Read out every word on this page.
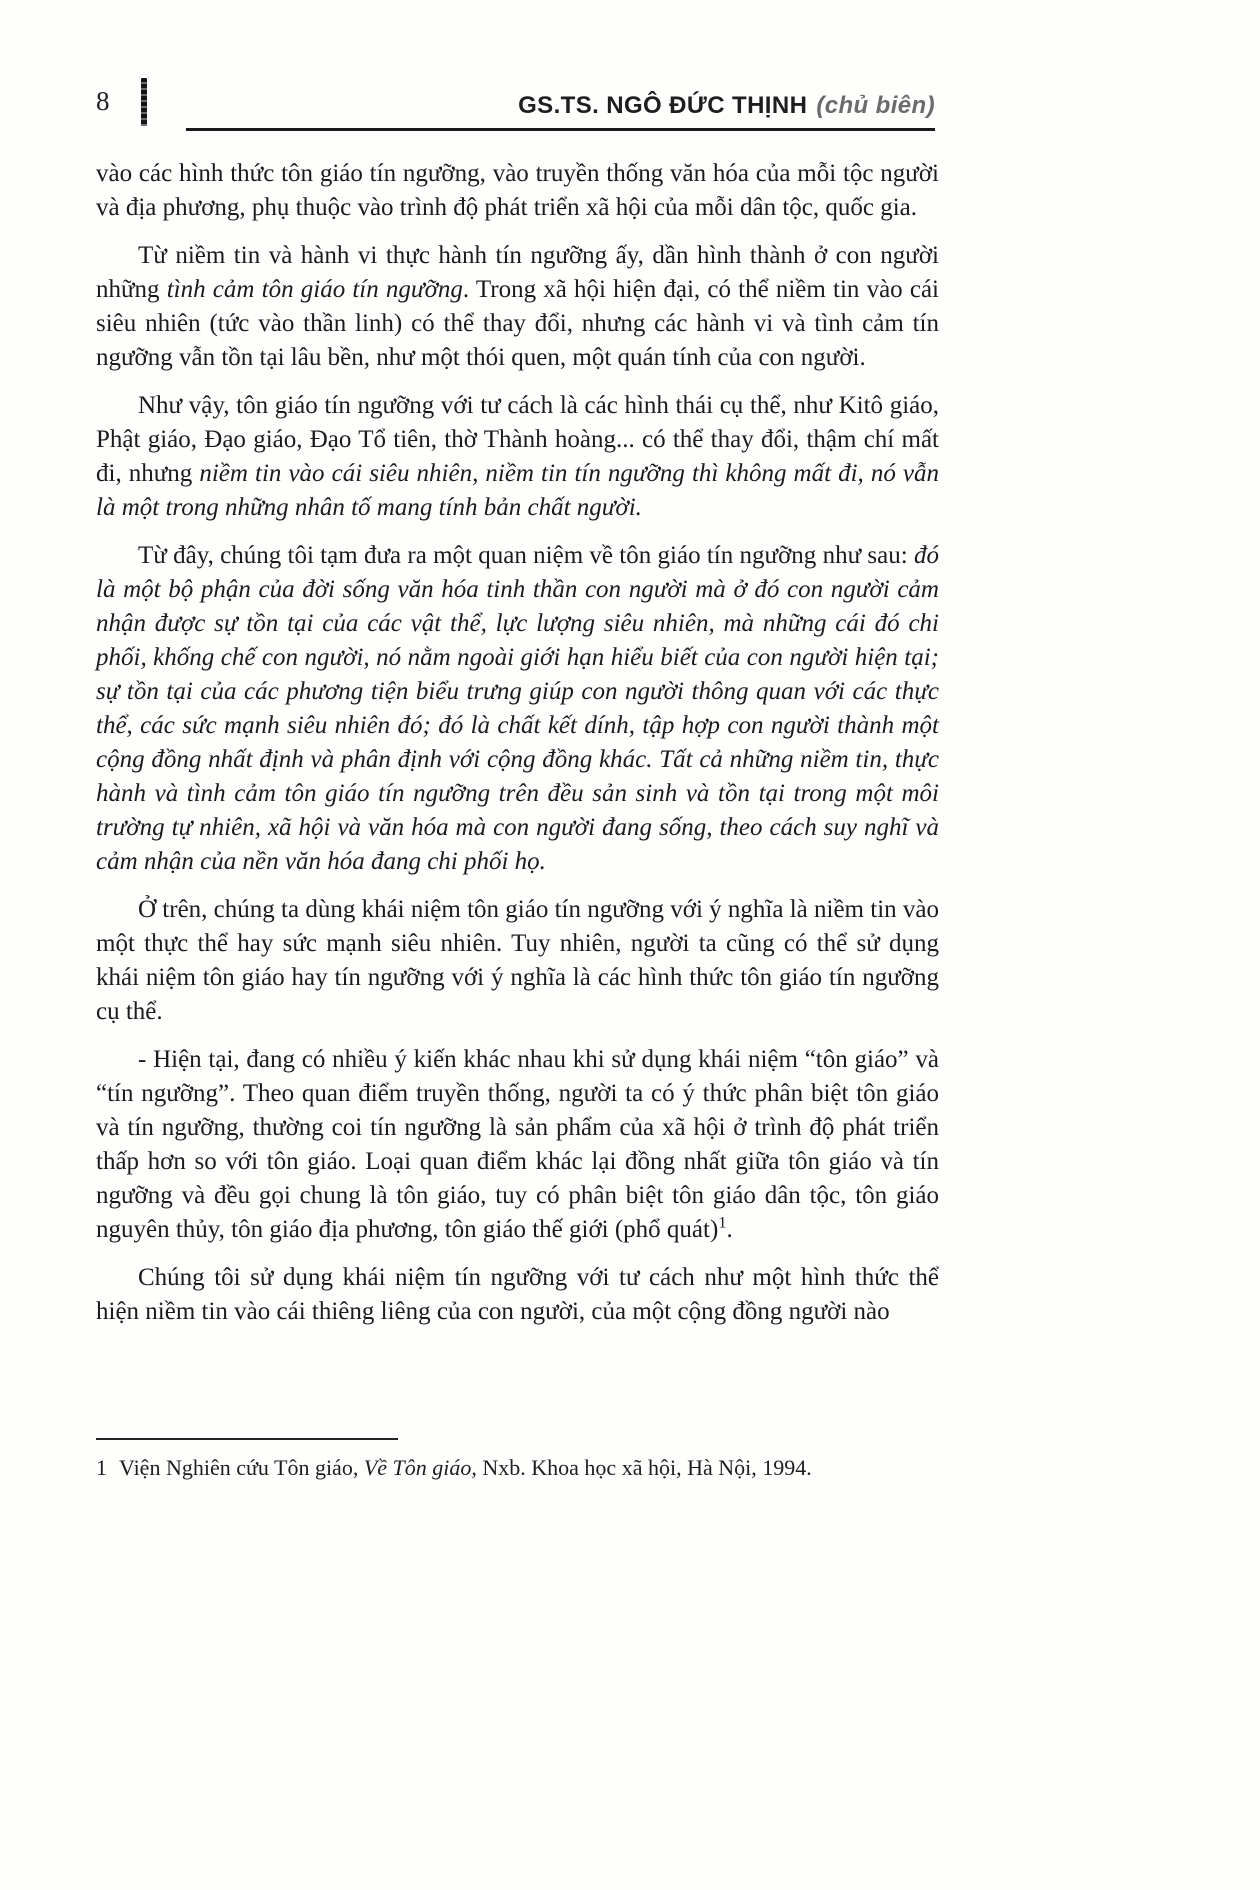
8	GS.TS. NGÔ ĐỨC THỊNH (chủ biên)

vào các hình thức tôn giáo tín ngưỡng, vào truyền thống văn hóa của mỗi tộc người và địa phương, phụ thuộc vào trình độ phát triển xã hội của mỗi dân tộc, quốc gia.

Từ niềm tin và hành vi thực hành tín ngưỡng ấy, dần hình thành ở con người những tình cảm tôn giáo tín ngưỡng. Trong xã hội hiện đại, có thể niềm tin vào cái siêu nhiên (tức vào thần linh) có thể thay đổi, nhưng các hành vi và tình cảm tín ngưỡng vẫn tồn tại lâu bền, như một thói quen, một quán tính của con người.

Như vậy, tôn giáo tín ngưỡng với tư cách là các hình thái cụ thể, như Kitô giáo, Phật giáo, Đạo giáo, Đạo Tổ tiên, thờ Thành hoàng... có thể thay đổi, thậm chí mất đi, nhưng niềm tin vào cái siêu nhiên, niềm tin tín ngưỡng thì không mất đi, nó vẫn là một trong những nhân tố mang tính bản chất người.

Từ đây, chúng tôi tạm đưa ra một quan niệm về tôn giáo tín ngưỡng như sau: đó là một bộ phận của đời sống văn hóa tinh thần con người mà ở đó con người cảm nhận được sự tồn tại của các vật thể, lực lượng siêu nhiên, mà những cái đó chi phối, khống chế con người, nó nằm ngoài giới hạn hiểu biết của con người hiện tại; sự tồn tại của các phương tiện biểu trưng giúp con người thông quan với các thực thể, các sức mạnh siêu nhiên đó; đó là chất kết dính, tập hợp con người thành một cộng đồng nhất định và phân định với cộng đồng khác. Tất cả những niềm tin, thực hành và tình cảm tôn giáo tín ngưỡng trên đều sản sinh và tồn tại trong một môi trường tự nhiên, xã hội và văn hóa mà con người đang sống, theo cách suy nghĩ và cảm nhận của nền văn hóa đang chi phối họ.

Ở trên, chúng ta dùng khái niệm tôn giáo tín ngưỡng với ý nghĩa là niềm tin vào một thực thể hay sức mạnh siêu nhiên. Tuy nhiên, người ta cũng có thể sử dụng khái niệm tôn giáo hay tín ngưỡng với ý nghĩa là các hình thức tôn giáo tín ngưỡng cụ thể.

- Hiện tại, đang có nhiều ý kiến khác nhau khi sử dụng khái niệm “tôn giáo” và “tín ngưỡng”. Theo quan điểm truyền thống, người ta có ý thức phân biệt tôn giáo và tín ngưỡng, thường coi tín ngưỡng là sản phẩm của xã hội ở trình độ phát triển thấp hơn so với tôn giáo. Loại quan điểm khác lại đồng nhất giữa tôn giáo và tín ngưỡng và đều gọi chung là tôn giáo, tuy có phân biệt tôn giáo dân tộc, tôn giáo nguyên thủy, tôn giáo địa phương, tôn giáo thế giới (phổ quát)$^1$.

Chúng tôi sử dụng khái niệm tín ngưỡng với tư cách như một hình thức thể hiện niềm tin vào cái thiêng liêng của con người, của một cộng đồng người nào

1 Viện Nghiên cứu Tôn giáo, Về Tôn giáo, Nxb. Khoa học xã hội, Hà Nội, 1994.
